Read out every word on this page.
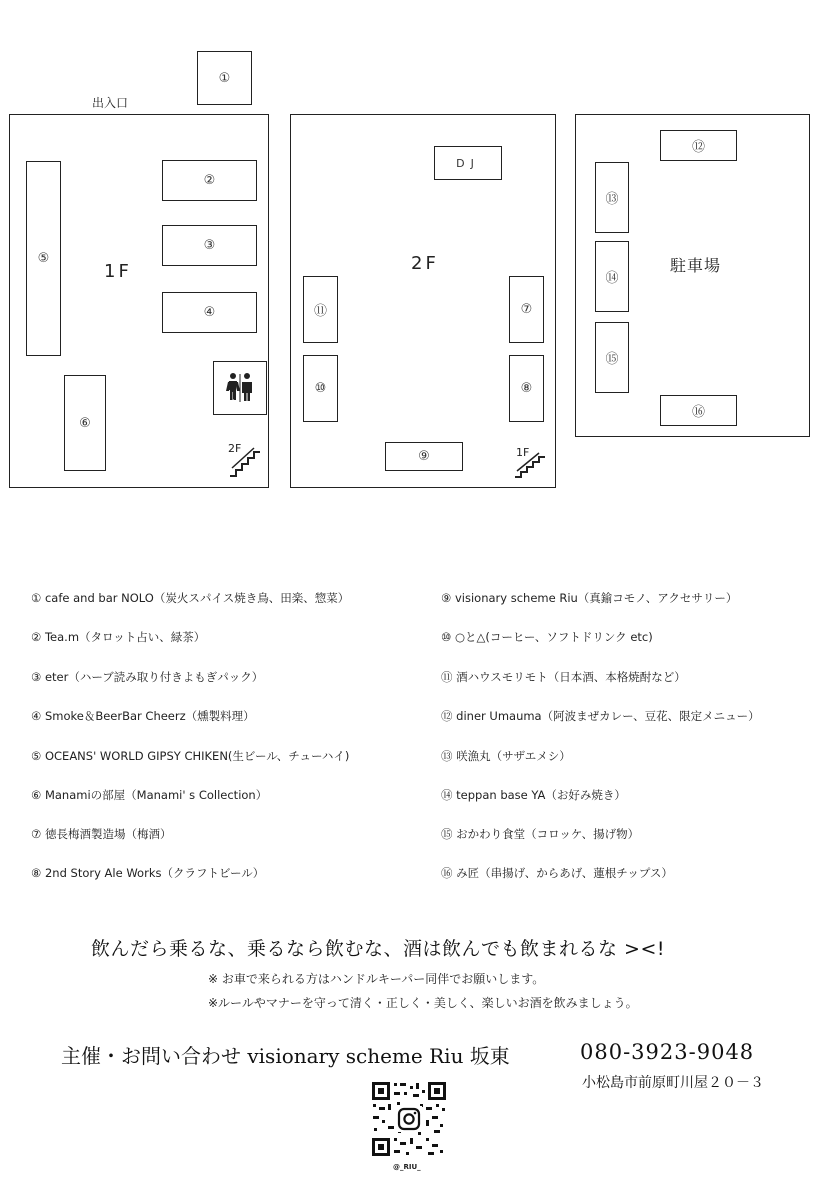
出入口
①
1F
②
③
④
⑤
⑥
2F
2F
DJ
⑦
⑧
⑨
⑩
⑪
1F
駐車場
⑫
⑬
⑭
⑮
⑯
① cafe and bar NOLO（炭火スパイス焼き鳥、田楽、惣菜）
② Tea.m（タロット占い、緑茶）
③ eter（ハーブ読み取り付きよもぎパック）
④ Smoke＆BeerBar Cheerz（燻製料理）
⑤ OCEANS' WORLD GIPSY CHIKEN(生ビール、チューハイ)
⑥ Manamiの部屋（Manami' s Collection）
⑦ 徳長梅酒製造場（梅酒）
⑧ 2nd Story Ale Works（クラフトビール）
⑨ visionary scheme Riu（真鍮コモノ、アクセサリー）
⑩ ○と△(コーヒー、ソフトドリンク etc)
⑪ 酒ハウスモリモト（日本酒、本格焼酎など）
⑫ diner Umauma（阿波まぜカレー、豆花、限定メニュー）
⑬ 咲漁丸（サザエメシ）
⑭ teppan base YA（お好み焼き）
⑮ おかわり食堂（コロッケ、揚げ物）
⑯ み匠（串揚げ、からあげ、蓮根チップス）
飲んだら乗るな、乗るなら飲むな、酒は飲んでも飲まれるな ><!
※ お車で来られる方はハンドルキーパー同伴でお願いします。
※ルールやマナーを守って清く・正しく・美しく、楽しいお酒を飲みましょう。
主催・お問い合わせ visionary scheme Riu 坂東	080-3923-9048
小松島市前原町川屋２０－３
@_RIU_
